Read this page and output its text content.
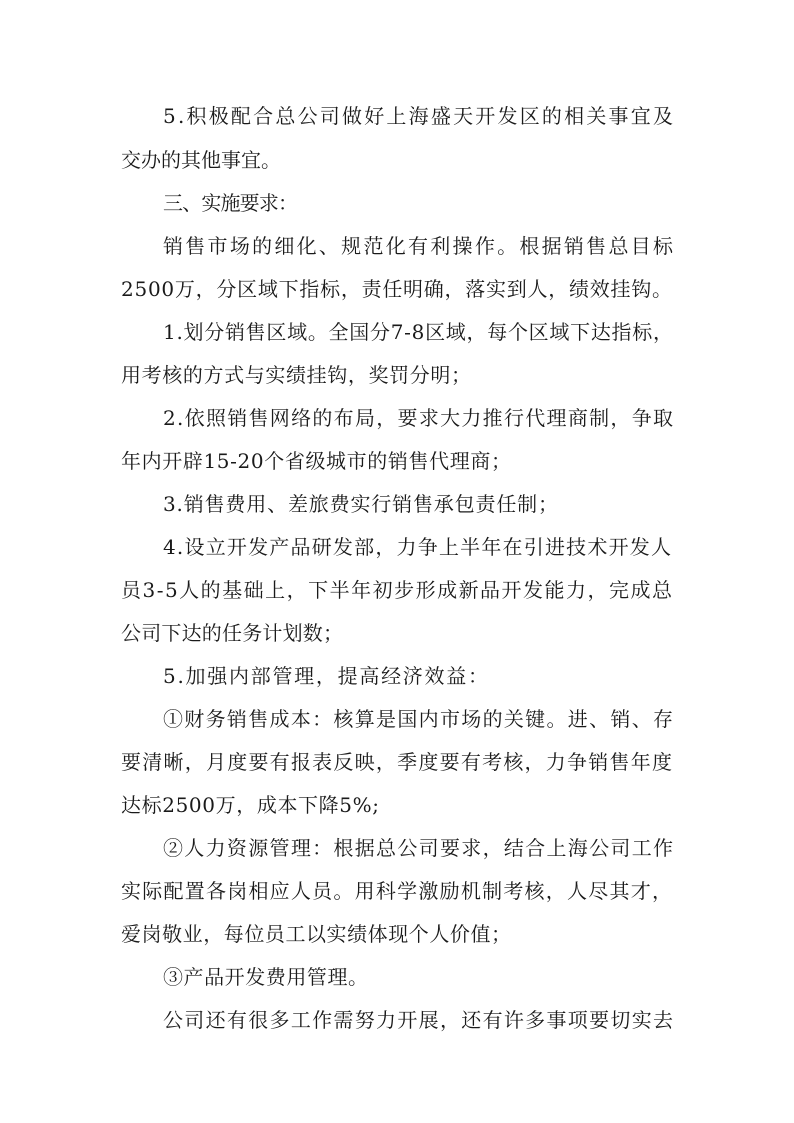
5.积极配合总公司做好上海盛天开发区的相关事宜及
交办的其他事宜。
三、实施要求：
销售市场的细化、规范化有利操作。根据销售总目标
2500万，分区域下指标，责任明确，落实到人，绩效挂钩。
1.划分销售区域。全国分7-8区域，每个区域下达指标，
用考核的方式与实绩挂钩，奖罚分明；
2.依照销售网络的布局，要求大力推行代理商制，争取
年内开辟15-20个省级城市的销售代理商；
3.销售费用、差旅费实行销售承包责任制；
4.设立开发产品研发部，力争上半年在引进技术开发人
员3-5人的基础上，下半年初步形成新品开发能力，完成总
公司下达的任务计划数；
5.加强内部管理，提高经济效益：
①财务销售成本：核算是国内市场的关键。进、销、存
要清晰，月度要有报表反映，季度要有考核，力争销售年度
达标2500万，成本下降5%;
②人力资源管理：根据总公司要求，结合上海公司工作
实际配置各岗相应人员。用科学激励机制考核，人尽其才，
爱岗敬业，每位员工以实绩体现个人价值；
③产品开发费用管理。
公司还有很多工作需努力开展，还有许多事项要切实去
